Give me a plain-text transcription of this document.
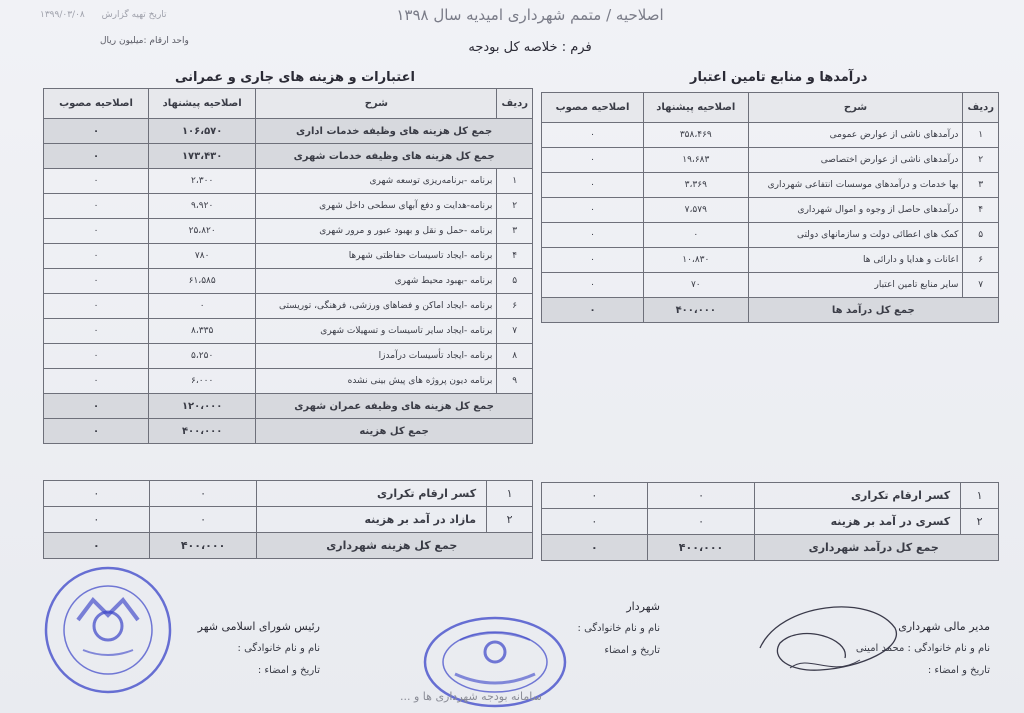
اصلاحیه / متمم شهرداری امیدیه سال ۱۳۹۸
فرم : خلاصه کل بودجه
تاریخ تهیه گزارش ۱۳۹۹/۰۳/۰۸
واحد ارقام :میلیون ریال
درآمدها و منابع تامین اعتبار
ردیف	شرح	اصلاحیه پیشنهاد	اصلاحیه مصوب
۱	درآمدهای ناشی از عوارض عمومی	۳۵۸،۴۶۹	۰
۲	درآمدهای ناشی از عوارض اختصاصی	۱۹،۶۸۳	۰
۳	بها خدمات و درآمدهای موسسات انتفاعی شهرداری	۳،۳۶۹	۰
۴	درآمدهای حاصل از وجوه و اموال شهرداری	۷،۵۷۹	۰
۵	کمک های اعطائی دولت و سازمانهای دولتی	۰	۰
۶	اعانات و هدایا و دارائی ها	۱۰،۸۳۰	۰
۷	سایر منابع تامین اعتبار	۷۰	۰
جمع کل درآمد ها		۴۰۰،۰۰۰	۰
اعتبارات و هزینه های جاری و عمرانی
ردیف	شرح	اصلاحیه پیشنهاد	اصلاحیه مصوب
جمع کل هزینه های وظیفه خدمات اداری		۱۰۶،۵۷۰	۰
جمع کل هزینه های وظیفه خدمات شهری		۱۷۳،۴۳۰	۰
۱	برنامه -برنامه‌ریزی توسعه شهری	۲،۳۰۰	۰
۲	برنامه-هدایت و دفع آبهای سطحی داخل شهری	۹،۹۲۰	۰
۳	برنامه -حمل و نقل و بهبود عبور و مرور شهری	۲۵،۸۲۰	۰
۴	برنامه -ایجاد تاسیسات حفاظتی شهرها	۷۸۰	۰
۵	برنامه -بهبود محیط شهری	۶۱،۵۸۵	۰
۶	برنامه -ایجاد اماکن و فضاهای ورزشی، فرهنگی، توریستی	۰	۰
۷	برنامه -ایجاد سایر تاسیسات و تسهیلات شهری	۸،۳۳۵	۰
۸	برنامه -ایجاد تأسیسات درآمدزا	۵،۲۵۰	۰
۹	برنامه دیون پروژه های پیش بینی نشده	۶،۰۰۰	۰
جمع کل هزینه های وظیفه عمران شهری		۱۲۰،۰۰۰	۰
جمع کل هزینه		۴۰۰،۰۰۰	۰
۱	کسر ارقام تکراری	۰	۰
۲	کسری در آمد بر هزینه	۰	۰
جمع کل درآمد شهرداری		۴۰۰،۰۰۰	۰
۱	کسر ارقام تکراری	۰	۰
۲	مازاد در آمد بر هزینه	۰	۰
جمع کل هزینه شهرداری		۴۰۰،۰۰۰	۰
مدیر مالی شهرداری
نام و نام خانوادگی : محمد امینی
تاریخ و امضاء :
شهردار
نام و نام خانوادگی :
تاریخ و امضاء
رئیس شورای اسلامی شهر
نام و نام خانوادگی :
تاریخ و امضاء :
سامانه بودجه شهرداری ها و ...
